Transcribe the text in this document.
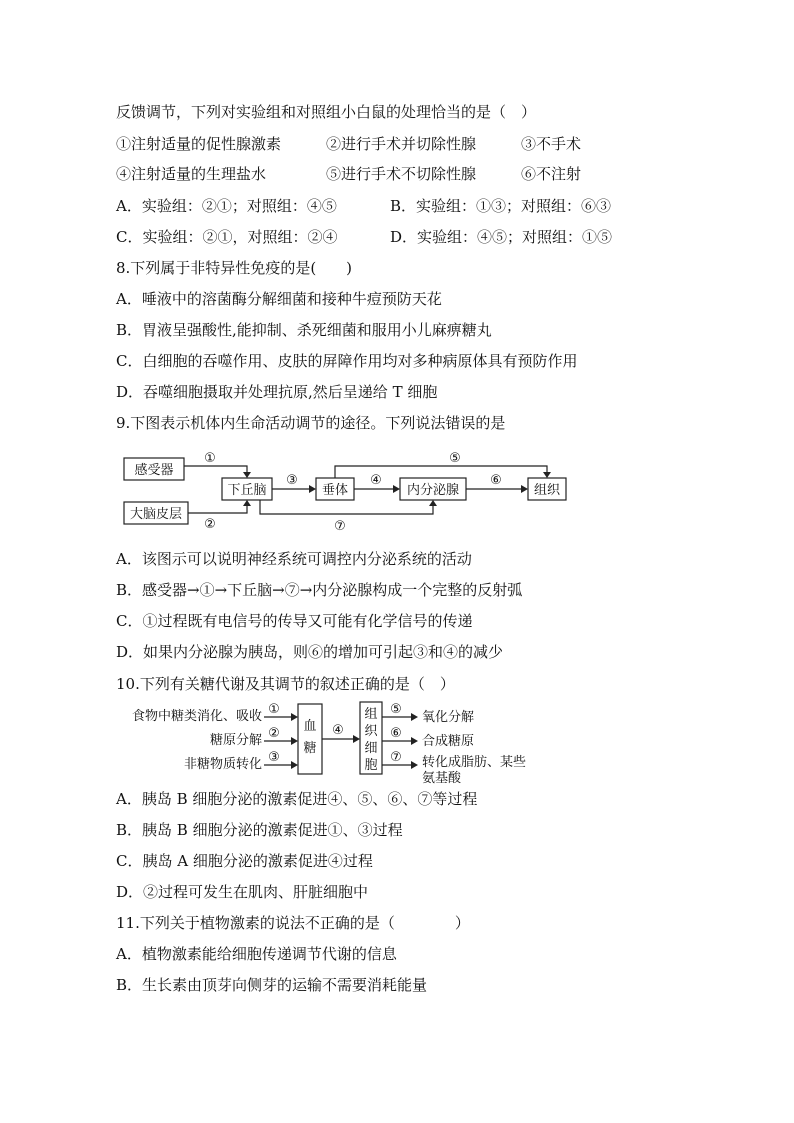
反馈调节，下列对实验组和对照组小白鼠的处理恰当的是（　）
①注射适量的促性腺激素	②进行手术并切除性腺	③不手术
④注射适量的生理盐水	⑤进行手术不切除性腺	⑥不注射
A．实验组：②①；对照组：④⑤	B．实验组：①③；对照组：⑥③
C．实验组：②①，对照组：②④	D．实验组：④⑤；对照组：①⑤
8.下列属于非特异性免疫的是(　　)
A．唾液中的溶菌酶分解细菌和接种牛痘预防天花
B．胃液呈强酸性,能抑制、杀死细菌和服用小儿麻痹糖丸
C．白细胞的吞噬作用、皮肤的屏障作用均对多种病原体具有预防作用
D．吞噬细胞摄取并处理抗原,然后呈递给 T 细胞
9.下图表示机体内生命活动调节的途径。下列说法错误的是
感受器
大脑皮层
下丘脑	垂体	内分泌腺	组织
①
②
③	④	⑥
⑤
⑦
A．该图示可以说明神经系统可调控内分泌系统的活动
B．感受器→①→下丘脑→⑦→内分泌腺构成一个完整的反射弧
C．①过程既有电信号的传导又可能有化学信号的传递
D．如果内分泌腺为胰岛，则⑥的增加可引起③和④的减少
10.下列有关糖代谢及其调节的叙述正确的是（　）
食物中糖类消化、吸收
糖原分解
非糖物质转化
①
②
③
血
糖
④
组
织
细
胞
⑤
⑥
⑦
氧化分解
合成糖原
转化成脂肪、某些
氨基酸
A．胰岛 B 细胞分泌的激素促进④、⑤、⑥、⑦等过程
B．胰岛 B 细胞分泌的激素促进①、③过程
C．胰岛 A 细胞分泌的激素促进④过程
D．②过程可发生在肌肉、肝脏细胞中
11.下列关于植物激素的说法不正确的是（　　　　）
A．植物激素能给细胞传递调节代谢的信息
B．生长素由顶芽向侧芽的运输不需要消耗能量
